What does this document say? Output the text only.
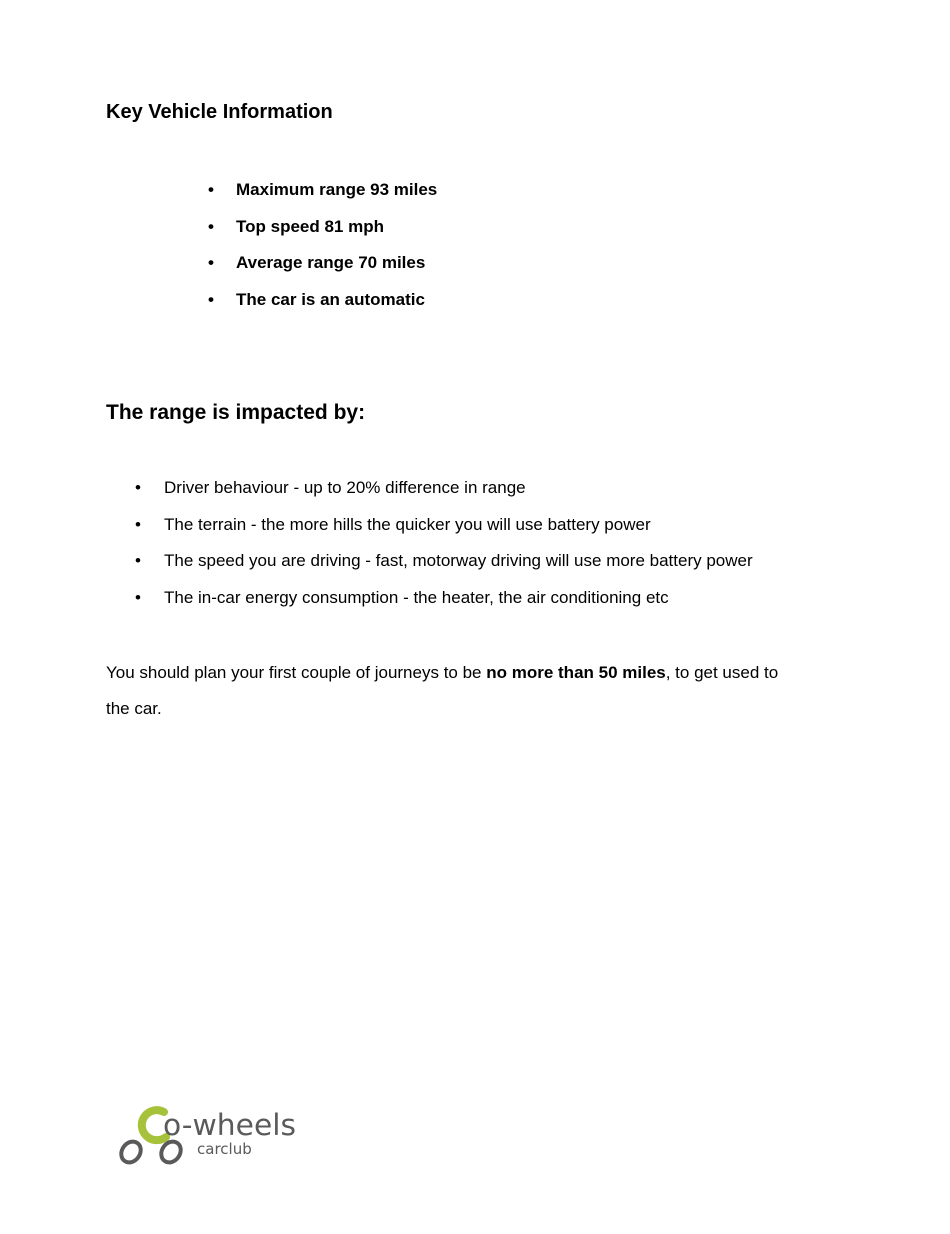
Key Vehicle Information
• Maximum range 93 miles
• Top speed 81 mph
• Average range 70 miles
• The car is an automatic
The range is impacted by:
• Driver behaviour - up to 20% difference in range
• The terrain - the more hills the quicker you will use battery power
• The speed you are driving - fast, motorway driving will use more battery power
• The in-car energy consumption - the heater, the air conditioning etc

You should plan your first couple of journeys to be no more than 50 miles, to get used to the car.

o-wheels
carclub
